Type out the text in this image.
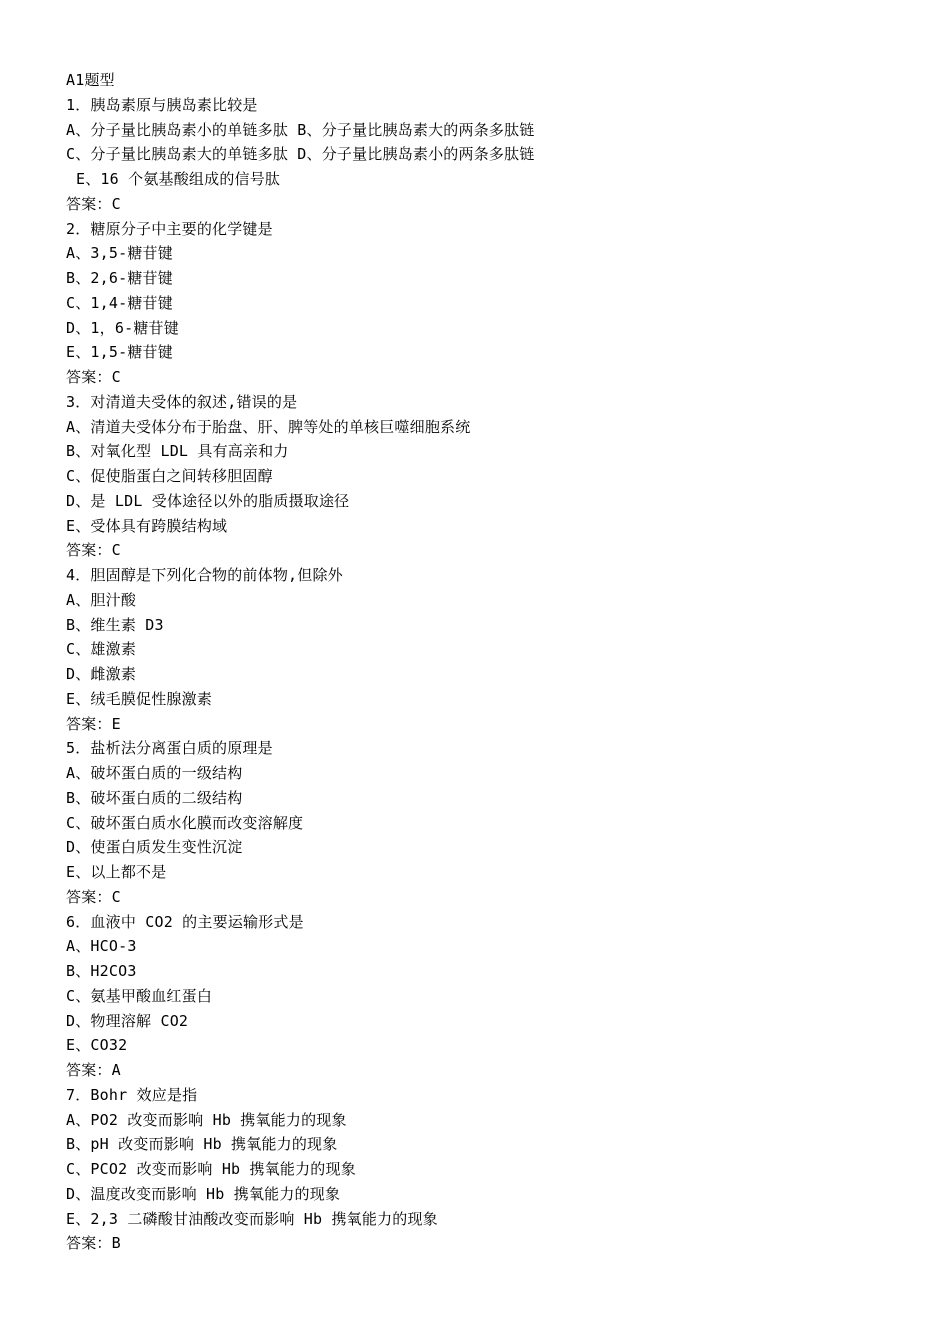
A1题型
1．胰岛素原与胰岛素比较是
A、分子量比胰岛素小的单链多肽 B、分子量比胰岛素大的两条多肽链
C、分子量比胰岛素大的单链多肽 D、分子量比胰岛素小的两条多肽链
E、16 个氨基酸组成的信号肽
答案：C
2．糖原分子中主要的化学键是
A、3,5-糖苷键
B、2,6-糖苷键
C、1,4-糖苷键
D、1，6-糖苷键
E、1,5-糖苷键
答案：C
3．对清道夫受体的叙述,错误的是
A、清道夫受体分布于胎盘、肝、脾等处的单核巨噬细胞系统
B、对氧化型 LDL 具有高亲和力
C、促使脂蛋白之间转移胆固醇
D、是 LDL 受体途径以外的脂质摄取途径
E、受体具有跨膜结构域
答案：C
4．胆固醇是下列化合物的前体物,但除外
A、胆汁酸
B、维生素 D3
C、雄激素
D、雌激素
E、绒毛膜促性腺激素
答案：E
5．盐析法分离蛋白质的原理是
A、破坏蛋白质的一级结构
B、破坏蛋白质的二级结构
C、破坏蛋白质水化膜而改变溶解度
D、使蛋白质发生变性沉淀
E、以上都不是
答案：C
6．血液中 CO2 的主要运输形式是
A、HCO-3
B、H2CO3
C、氨基甲酸血红蛋白
D、物理溶解 CO2
E、CO32
答案：A
7．Bohr 效应是指
A、PO2 改变而影响 Hb 携氧能力的现象
B、pH 改变而影响 Hb 携氧能力的现象
C、PCO2 改变而影响 Hb 携氧能力的现象
D、温度改变而影响 Hb 携氧能力的现象
E、2,3 二磷酸甘油酸改变而影响 Hb 携氧能力的现象
答案：B
